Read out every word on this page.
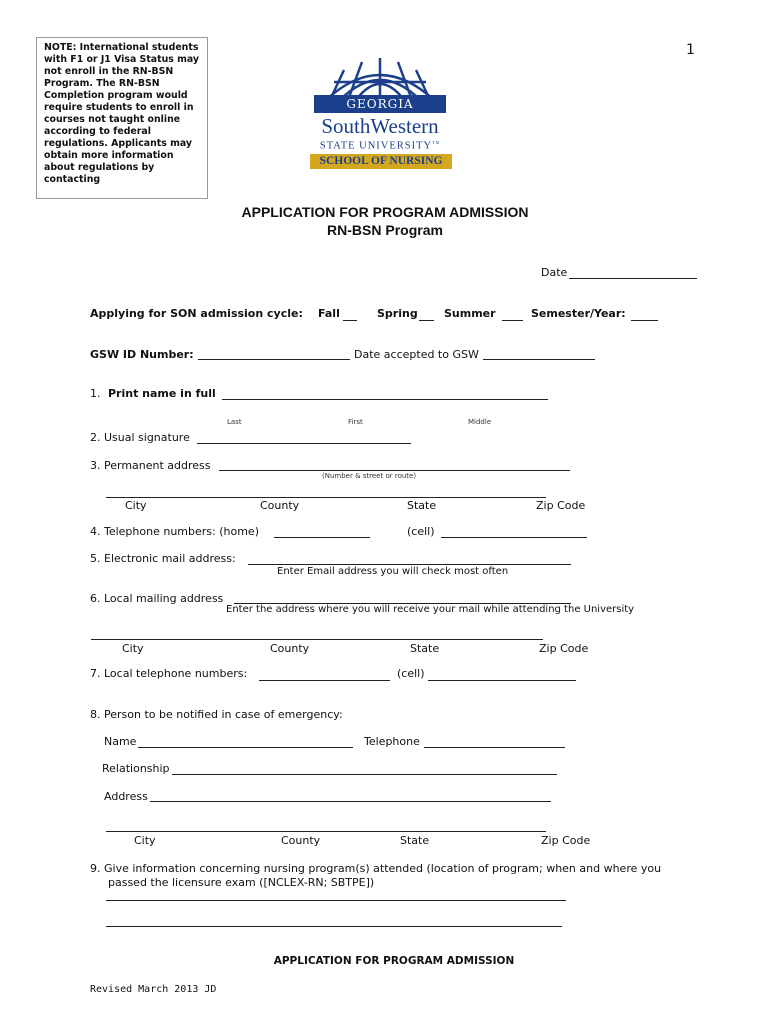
1
NOTE: International students with F1 or J1 Visa Status may not enroll in the RN-BSN Program. The RN-BSN Completion program would require students to enroll in courses not taught online according to federal regulations. Applicants may obtain more information about regulations by contacting
GEORGIA
SouthWestern
STATE UNIVERSITY™
SCHOOL OF NURSING
APPLICATION FOR PROGRAM ADMISSION
RN-BSN Program
Date
Applying for SON admission cycle: Fall	Spring Summer	Semester/Year:
GSW ID Number:	Date accepted to GSW
1. Print name in full
Last	First	Middle
2. Usual signature
3. Permanent address
(Number & street or route)
City	County	State	Zip Code
4. Telephone numbers: (home)	(cell)
5. Electronic mail address:
Enter Email address you will check most often
6. Local mailing address
Enter the address where you will receive your mail while attending the University
City	County	State	Zip Code
7. Local telephone numbers:	(cell)
8. Person to be notified in case of emergency:
Name	Telephone
Relationship
Address
City	County	State	Zip Code
9. Give information concerning nursing program(s) attended (location of program; when and where you
passed the licensure exam ([NCLEX-RN; SBTPE])
APPLICATION FOR PROGRAM ADMISSION
Revised March 2013 JD
